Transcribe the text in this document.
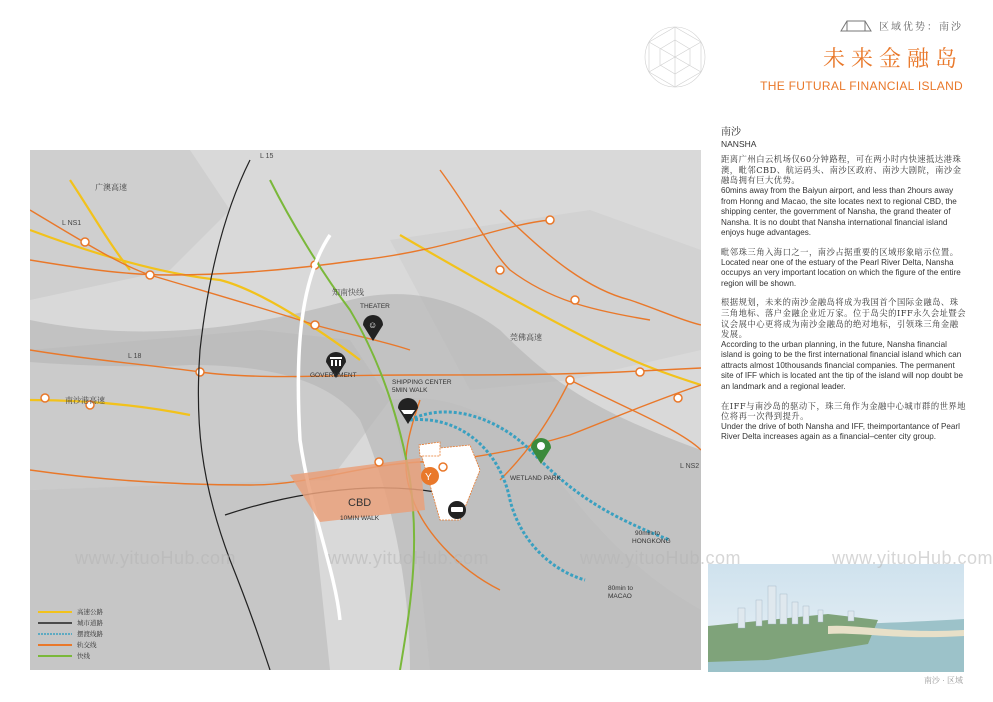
区域优势：南沙
未来金融岛
THE FUTURAL FINANCIAL ISLAND
L 15
广澳高速
L NS1
知南快线
L 18
南沙港高速
莞佛高速
L NS2
THEATER
☺
GOVERNMENT
SHIPPING CENTER
5MIN WALK
WETLAND PARK
Y
CBD
10MIN WALK
90min to
HONGKONG
80min to
MACAO
高速公路
城市道路
摆渡线路
轨交线
快线
南沙
NANSHA
距离广州白云机场仅60分钟路程，可在两小时内快速抵达港珠澳，毗邻CBD、航运码头、南沙区政府、南沙大剧院，南沙金融岛拥有巨大优势。
60mins away from the Baiyun airport, and less than 2hours away from Honng and Macao, the site locates next to regional CBD, the shipping center, the government of Nansha, the grand theater of Nansha. It is no doubt that Nansha international financial island enjoys huge advantages.
毗邻珠三角入海口之一，南沙占据重要的区域形象暗示位置。
Located near one of the estuary of the Pearl River Delta, Nansha occupys an very important location on which the figure of the entire region will be shown.
根据规划，未来的南沙金融岛将成为我国首个国际金融岛、珠三角地标、落户金融企业近万家。位于岛尖的IFF永久会址暨会议会展中心更将成为南沙金融岛的绝对地标，引领珠三角金融发展。
According to the urban planning, in the future, Nansha financial island is going to be the first international financial island which can attracts almost 10thousands financial companies. The permanent site of IFF which is located ant the tip of the island will nop doubt be an landmark and a regional leader.
在IFF与南沙岛的驱动下，珠三角作为金融中心城市群的世界地位将再一次得到提升。
Under the drive of both Nansha and IFF, theimportantance of Pearl River Delta increases again as a financial–center city group.
www.yituoHub.com	www.yituoHub.com	www.yituoHub.com	www.yituoHub.com
南沙 · 区域
